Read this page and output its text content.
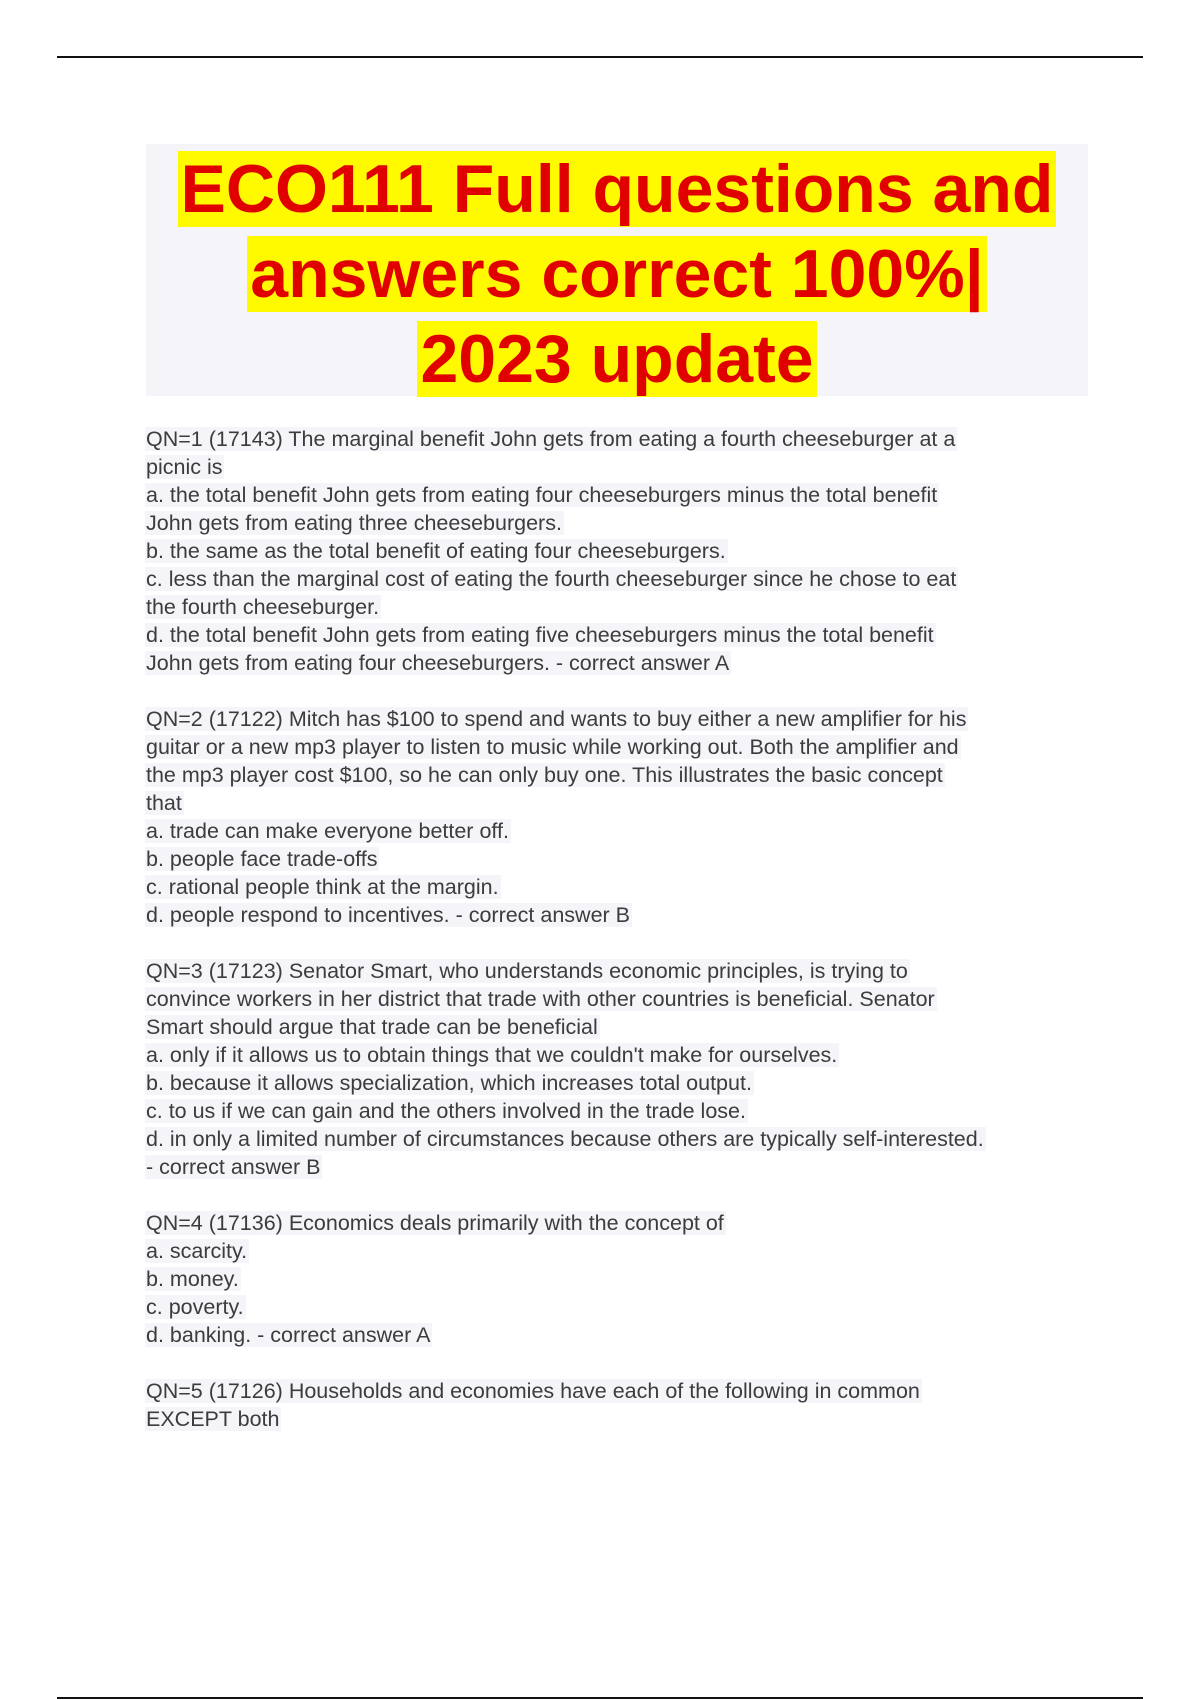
ECO111 Full questions and
answers correct 100%|
2023 update
QN=1 (17143) The marginal benefit John gets from eating a fourth cheeseburger at a
picnic is
a. the total benefit John gets from eating four cheeseburgers minus the total benefit
John gets from eating three cheeseburgers.
b. the same as the total benefit of eating four cheeseburgers.
c. less than the marginal cost of eating the fourth cheeseburger since he chose to eat
the fourth cheeseburger.
d. the total benefit John gets from eating five cheeseburgers minus the total benefit
John gets from eating four cheeseburgers. - correct answer A
QN=2 (17122) Mitch has $100 to spend and wants to buy either a new amplifier for his
guitar or a new mp3 player to listen to music while working out. Both the amplifier and
the mp3 player cost $100, so he can only buy one. This illustrates the basic concept
that
a. trade can make everyone better off.
b. people face trade-offs
c. rational people think at the margin.
d. people respond to incentives. - correct answer B
QN=3 (17123) Senator Smart, who understands economic principles, is trying to
convince workers in her district that trade with other countries is beneficial. Senator
Smart should argue that trade can be beneficial
a. only if it allows us to obtain things that we couldn't make for ourselves.
b. because it allows specialization, which increases total output.
c. to us if we can gain and the others involved in the trade lose.
d. in only a limited number of circumstances because others are typically self-interested.
- correct answer B
QN=4 (17136) Economics deals primarily with the concept of
a. scarcity.
b. money.
c. poverty.
d. banking. - correct answer A
QN=5 (17126) Households and economies have each of the following in common
EXCEPT both
